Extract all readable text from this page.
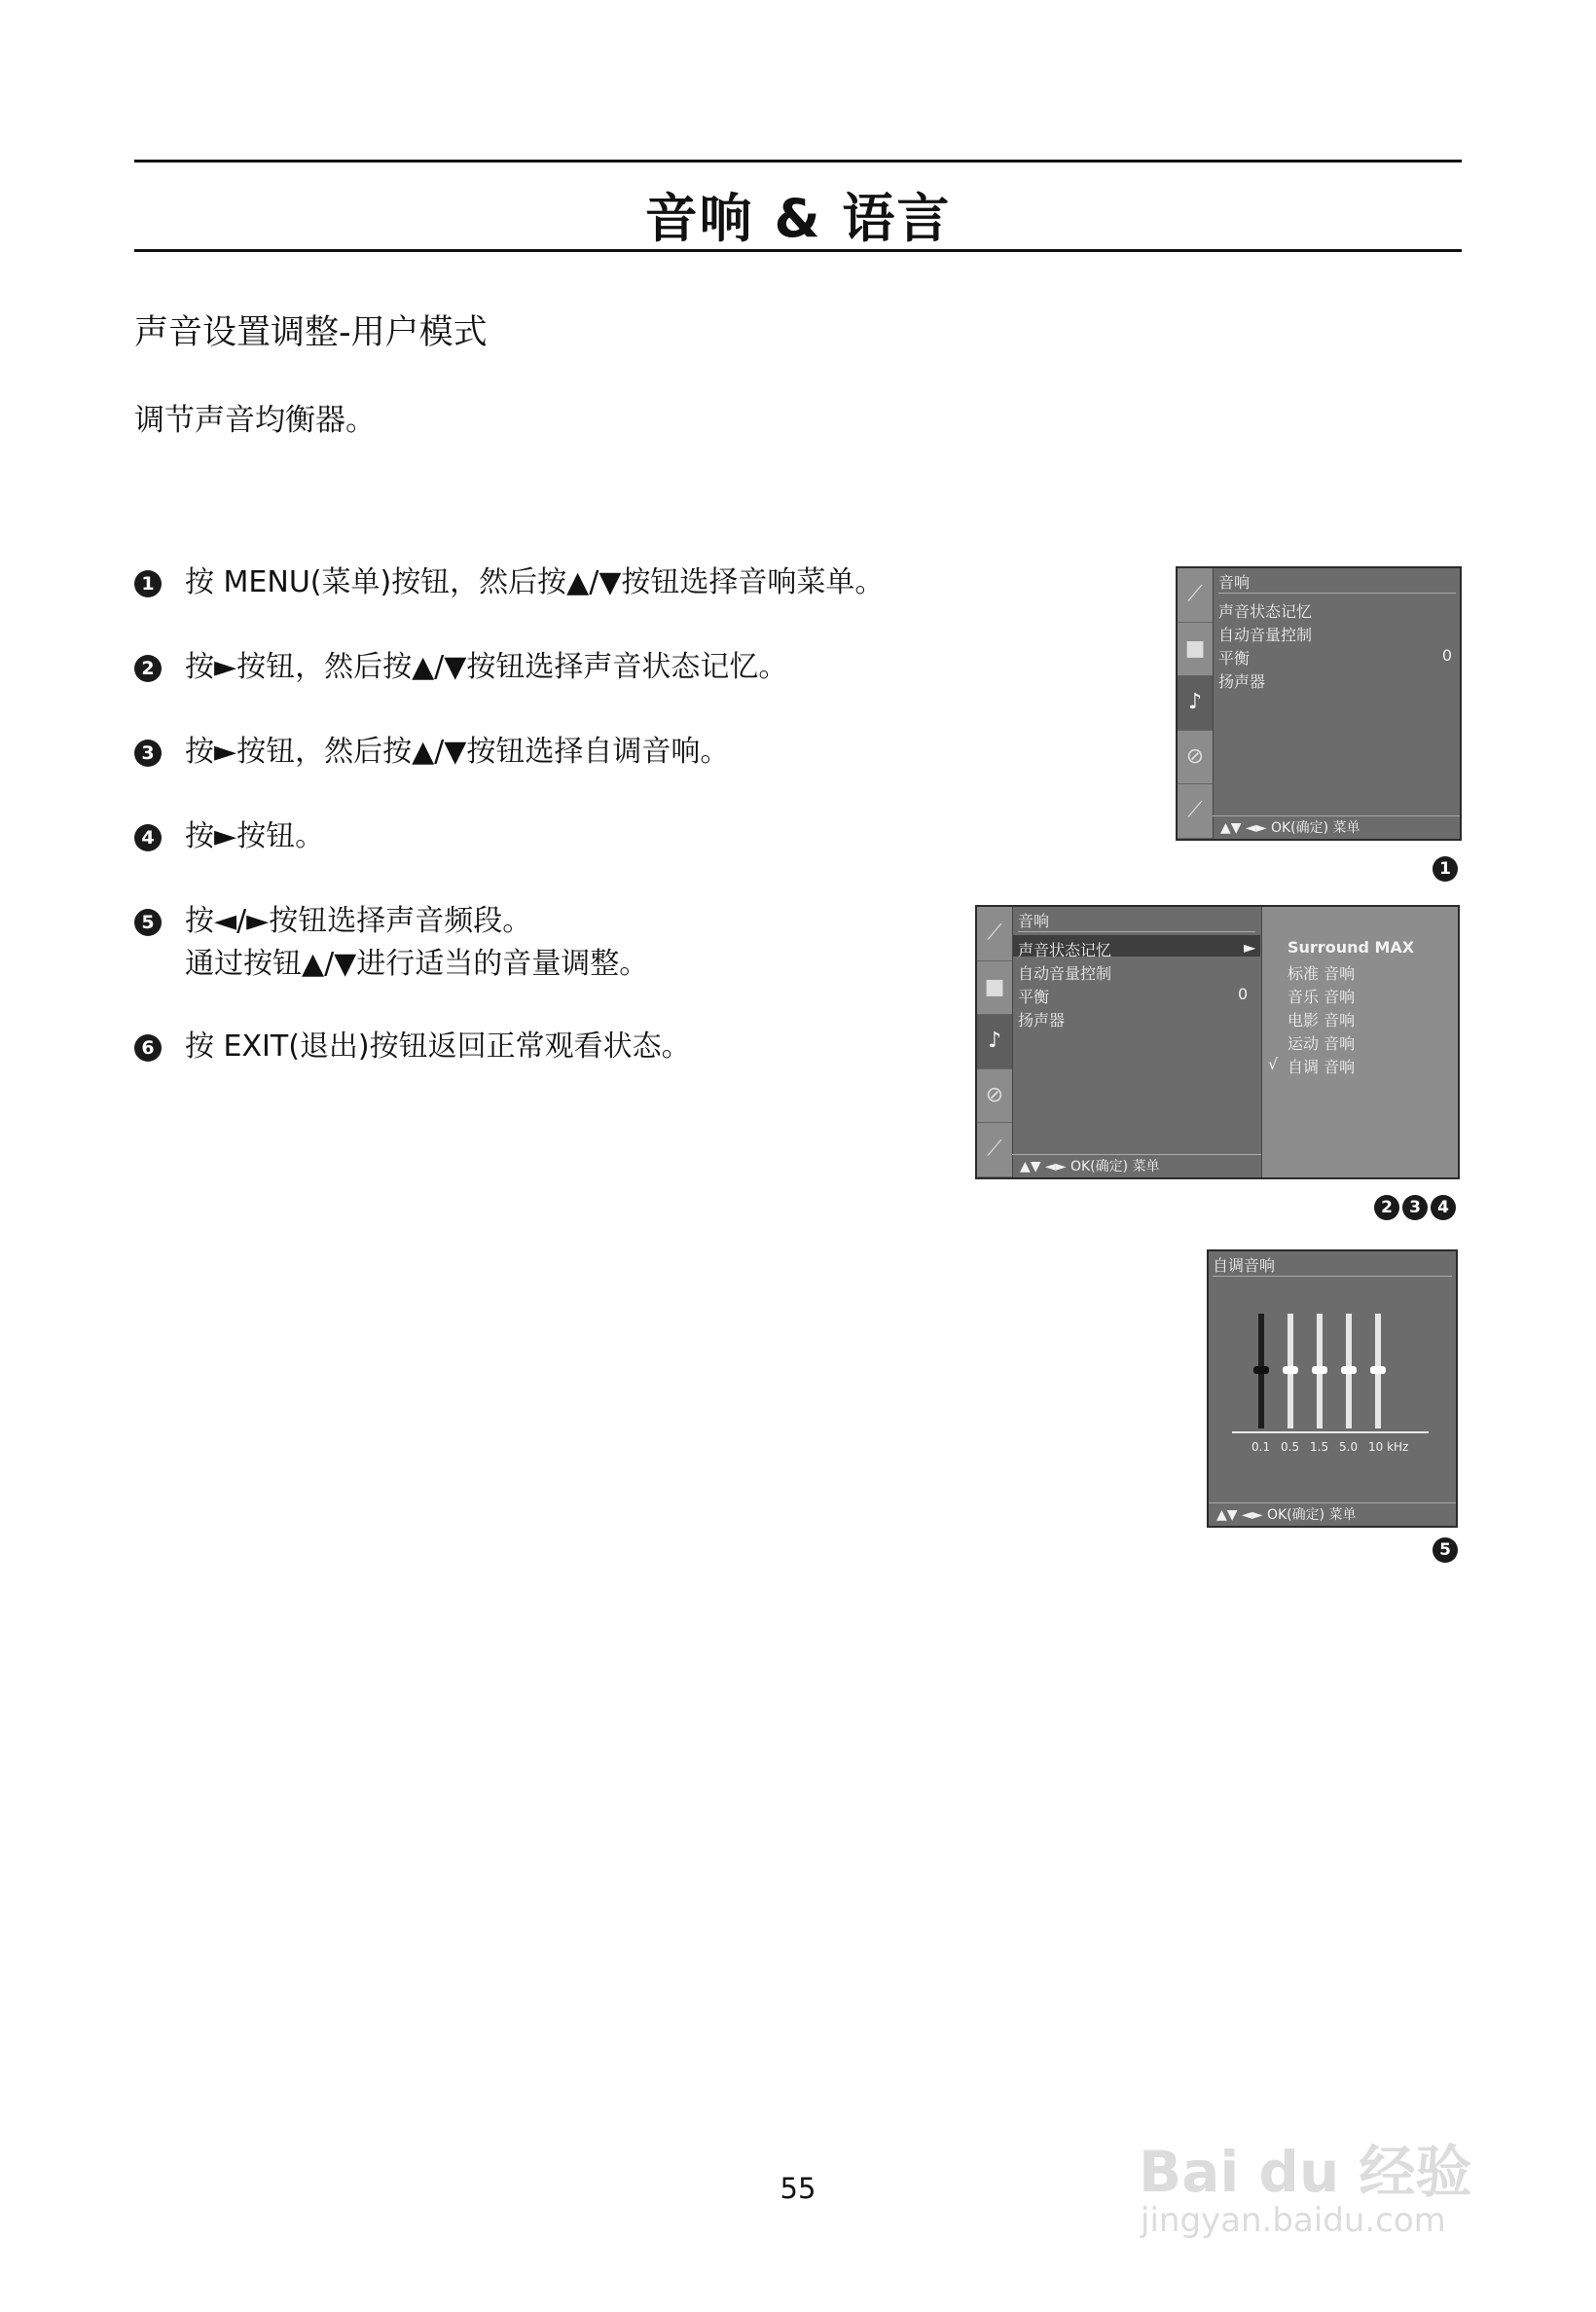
音响 & 语言
声音设置调整-用户模式
调节声音均衡器。
1 按 MENU(菜单)按钮，然后按▲/▼按钮选择音响菜单。
2 按►按钮，然后按▲/▼按钮选择声音状态记忆。
3 按►按钮，然后按▲/▼按钮选择自调音响。
4 按►按钮。
5 按◄/►按钮选择声音频段。
通过按钮▲/▼进行适当的音量调整。
6 按 EXIT(退出)按钮返回正常观看状态。
⟋
■
♪
⊘
⟋
音响
声音状态记忆
自动音量控制
平衡	0
扬声器
▲▼ ◄► OK(确定) 菜单
1
⟋
■
♪
⊘
⟋
音响
声音状态记忆	►
自动音量控制
平衡	0
扬声器
▲▼ ◄► OK(确定) 菜单
Surround MAX
标准 音响
音乐 音响
电影 音响
运动 音响
√ 自调 音响
2 3 4
自调音响
0.1 0.5 1.5 5.0 10 kHz
▲▼ ◄► OK(确定) 菜单
5
55	Bai du 经验
jingyan.baidu.com
